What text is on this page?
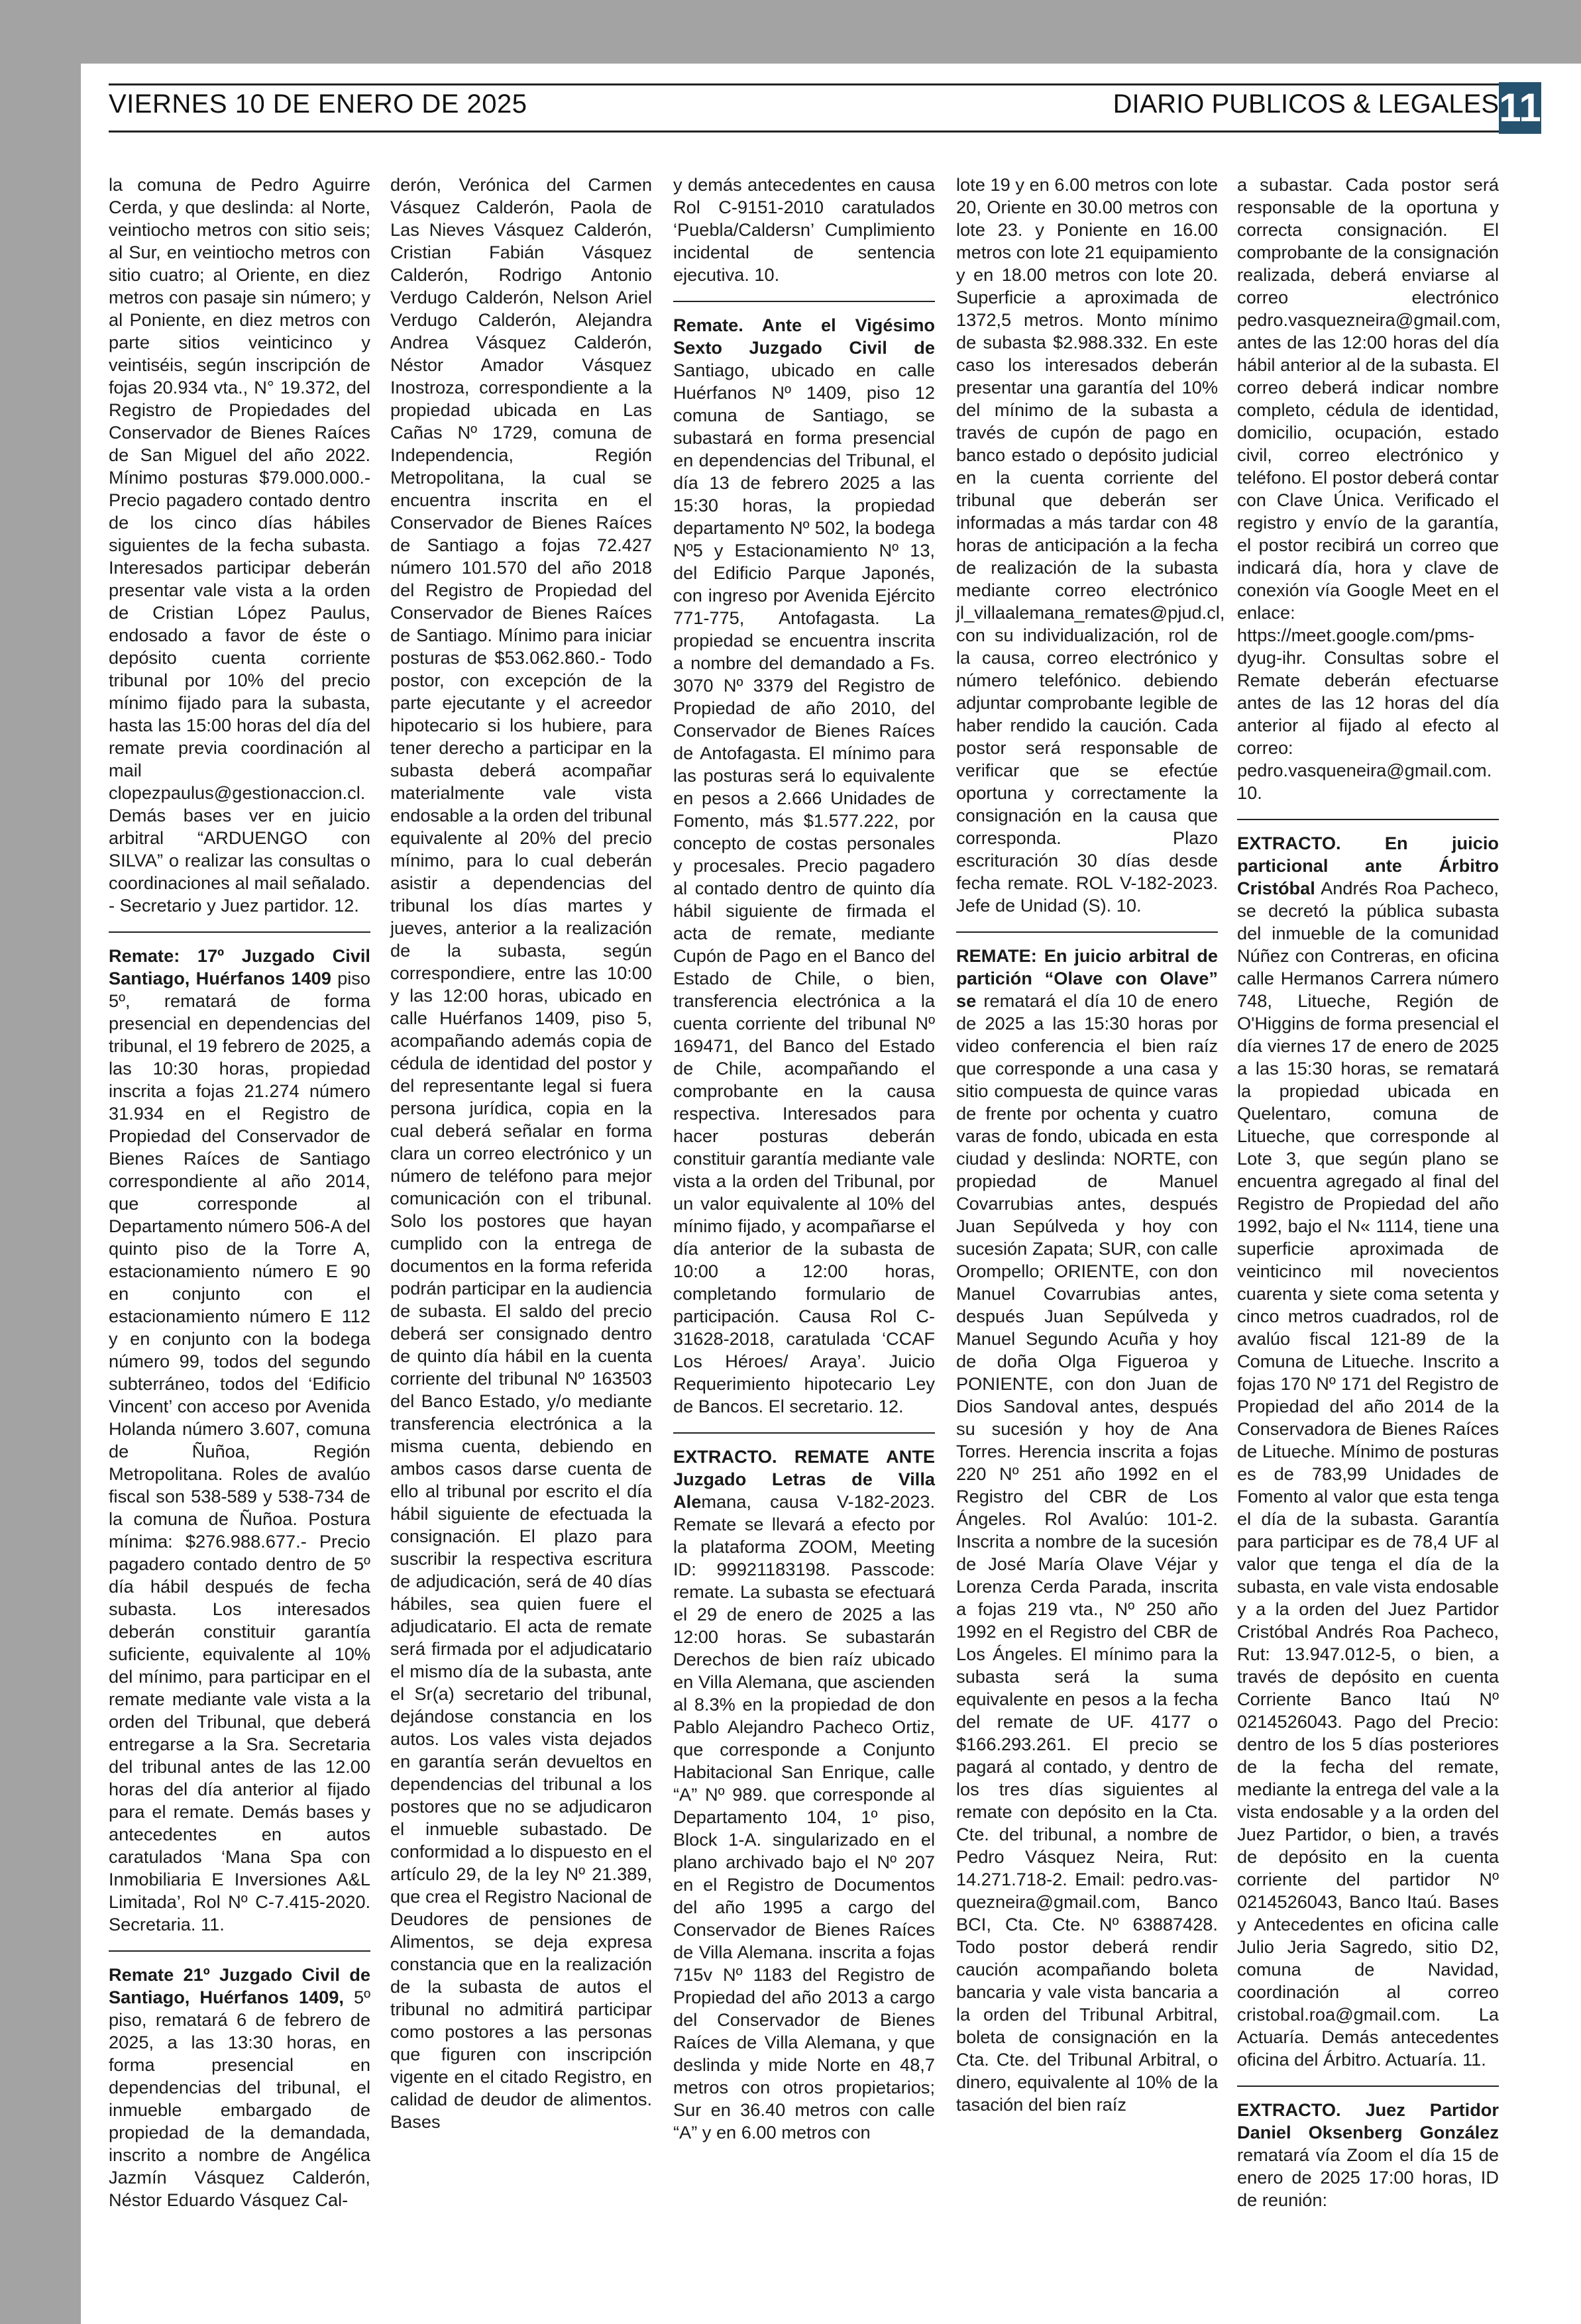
VIERNES 10 DE ENERO DE 2025	DIARIO PUBLICOS & LEGALES 11

la comuna de Pedro Aguirre Cerda, y que deslinda: al Norte, veintiocho metros con sitio seis; al Sur, en veintiocho metros con sitio cuatro; al Oriente, en diez metros con pasaje sin número; y al Poniente, en diez metros con parte sitios veinticinco y veintiséis, según inscripción de fojas 20.934 vta., N° 19.372, del Registro de Propiedades del Conservador de Bienes Raíces de San Miguel del año 2022. Mínimo posturas $79.000.000.- Precio pagadero contado dentro de los cinco días hábiles siguientes de la fecha subasta. Interesados participar deberán presentar vale vista a la orden de Cristian López Paulus, endosado a favor de éste o depósito cuenta corriente tribunal por 10% del precio mínimo fijado para la subasta, hasta las 15:00 horas del día del remate previa coordinación al mail clopezpaulus@gestionaccion.cl. Demás bases ver en juicio arbitral “ARDUENGO con SILVA” o realizar las consultas o coordinaciones al mail señalado. - Secretario y Juez partidor. 12.

Remate: 17º Juzgado Civil Santiago, Huérfanos 1409 piso 5º, rematará de forma presencial en dependencias del tribunal, el 19 febrero de 2025, a las 10:30 horas, propiedad inscrita a fojas 21.274 número 31.934 en el Registro de Propiedad del Conservador de Bienes Raíces de Santiago correspondiente al año 2014, que corresponde al Departamento número 506-A del quinto piso de la Torre A, estacionamiento número E 90 en conjunto con el estacionamiento número E 112 y en conjunto con la bodega número 99, todos del segundo subterráneo, todos del ‘Edificio Vincent’ con acceso por Avenida Holanda número 3.607, comuna de Ñuñoa, Región Metropolitana. Roles de avalúo fiscal son 538-589 y 538-734 de la comuna de Ñuñoa. Postura mínima: $276.988.677.- Precio pagadero contado dentro de 5º día hábil después de fecha subasta. Los interesados deberán constituir garantía suficiente, equivalente al 10% del mínimo, para participar en el remate mediante vale vista a la orden del Tribunal, que deberá entregarse a la Sra. Secretaria del tribunal antes de las 12.00 horas del día anterior al fijado para el remate. Demás bases y antecedentes en autos caratulados ‘Mana Spa con Inmobiliaria E Inversiones A&L Limitada’, Rol Nº C-7.415-2020. Secretaria. 11.

Remate 21º Juzgado Civil de Santiago, Huérfanos 1409, 5º piso, rematará 6 de febrero de 2025, a las 13:30 horas, en forma presencial en dependencias del tribunal, el inmueble embargado de propiedad de la demandada, inscrito a nombre de Angélica Jazmín Vásquez Calderón, Néstor Eduardo Vásquez Cal-

derón, Verónica del Carmen Vásquez Calderón, Paola de Las Nieves Vásquez Calderón, Cristian Fabián Vásquez Calderón, Rodrigo Antonio Verdugo Calderón, Nelson Ariel Verdugo Calderón, Alejandra Andrea Vásquez Calderón, Néstor Amador Vásquez Inostroza, correspondiente a la propiedad ubicada en Las Cañas Nº 1729, comuna de Independencia, Región Metropolitana, la cual se encuentra inscrita en el Conservador de Bienes Raíces de Santiago a fojas 72.427 número 101.570 del año 2018 del Registro de Propiedad del Conservador de Bienes Raíces de Santiago. Mínimo para iniciar posturas de $53.062.860.- Todo postor, con excepción de la parte ejecutante y el acreedor hipotecario si los hubiere, para tener derecho a participar en la subasta deberá acompañar materialmente vale vista endosable a la orden del tribunal equivalente al 20% del precio mínimo, para lo cual deberán asistir a dependencias del tribunal los días martes y jueves, anterior a la realización de la subasta, según correspondiere, entre las 10:00 y las 12:00 horas, ubicado en calle Huérfanos 1409, piso 5, acompañando además copia de cédula de identidad del postor y del representante legal si fuera persona jurídica, copia en la cual deberá señalar en forma clara un correo electrónico y un número de teléfono para mejor comunicación con el tribunal. Solo los postores que hayan cumplido con la entrega de documentos en la forma referida podrán participar en la audiencia de subasta. El saldo del precio deberá ser consignado dentro de quinto día hábil en la cuenta corriente del tribunal Nº 163503 del Banco Estado, y/o mediante transferencia electrónica a la misma cuenta, debiendo en ambos casos darse cuenta de ello al tribunal por escrito el día hábil siguiente de efectuada la consignación. El plazo para suscribir la respectiva escritura de adjudicación, será de 40 días hábiles, sea quien fuere el adjudicatario. El acta de remate será firmada por el adjudicatario el mismo día de la subasta, ante el Sr(a) secretario del tribunal, dejándose constancia en los autos. Los vales vista dejados en garantía serán devueltos en dependencias del tribunal a los postores que no se adjudicaron el inmueble subastado. De conformidad a lo dispuesto en el artículo 29, de la ley Nº 21.389, que crea el Registro Nacional de Deudores de pensiones de Alimentos, se deja expresa constancia que en la realización de la subasta de autos el tribunal no admitirá participar como postores a las personas que figuren con inscripción vigente en el citado Registro, en calidad de deudor de alimentos. Bases

y demás antecedentes en causa Rol C-9151-2010 caratulados ‘Puebla/Caldersn’ Cumplimiento incidental de sentencia ejecutiva. 10.

Remate. Ante el Vigésimo Sexto Juzgado Civil de Santiago, ubicado en calle Huérfanos Nº 1409, piso 12 comuna de Santiago, se subastará en forma presencial en dependencias del Tribunal, el día 13 de febrero 2025 a las 15:30 horas, la propiedad departamento Nº 502, la bodega Nº5 y Estacionamiento Nº 13, del Edificio Parque Japonés, con ingreso por Avenida Ejército 771-775, Antofagasta. La propiedad se encuentra inscrita a nombre del demandado a Fs. 3070 Nº 3379 del Registro de Propiedad de año 2010, del Conservador de Bienes Raíces de Antofagasta. El mínimo para las posturas será lo equivalente en pesos a 2.666 Unidades de Fomento, más $1.577.222, por concepto de costas personales y procesales. Precio pagadero al contado dentro de quinto día hábil siguiente de firmada el acta de remate, mediante Cupón de Pago en el Banco del Estado de Chile, o bien, transferencia electrónica a la cuenta corriente del tribunal Nº 169471, del Banco del Estado de Chile, acompañando el comprobante en la causa respectiva. Interesados para hacer posturas deberán constituir garantía mediante vale vista a la orden del Tribunal, por un valor equivalente al 10% del mínimo fijado, y acompañarse el día anterior de la subasta de 10:00 a 12:00 horas, completando formulario de participación. Causa Rol C-31628-2018, caratulada ‘CCAF Los Héroes/ Araya’. Juicio Requerimiento hipotecario Ley de Bancos. El secretario. 12.

EXTRACTO. REMATE ANTE Juzgado Letras de Villa Alemana, causa V-182-2023. Remate se llevará a efecto por la plataforma ZOOM, Meeting ID: 99921183198. Passcode: remate. La subasta se efectuará el 29 de enero de 2025 a las 12:00 horas. Se subastarán Derechos de bien raíz ubicado en Villa Alemana, que ascienden al 8.3% en la propiedad de don Pablo Alejandro Pacheco Ortiz, que corresponde a Conjunto Habitacional San Enrique, calle “A” Nº 989. que corresponde al Departamento 104, 1º piso, Block 1-A. singularizado en el plano archivado bajo el Nº 207 en el Registro de Documentos del año 1995 a cargo del Conservador de Bienes Raíces de Villa Alemana. inscrita a fojas 715v Nº 1183 del Registro de Propiedad del año 2013 a cargo del Conservador de Bienes Raíces de Villa Alemana, y que deslinda y mide Norte en 48,7 metros con otros propietarios; Sur en 36.40 metros con calle “A” y en 6.00 metros con

lote 19 y en 6.00 metros con lote 20, Oriente en 30.00 metros con lote 23. y Poniente en 16.00 metros con lote 21 equipamiento y en 18.00 metros con lote 20. Superficie a aproximada de 1372,5 metros. Monto mínimo de subasta $2.988.332. En este caso los interesados deberán presentar una garantía del 10% del mínimo de la subasta a través de cupón de pago en banco estado o depósito judicial en la cuenta corriente del tribunal que deberán ser informadas a más tardar con 48 horas de anticipación a la fecha de realización de la subasta mediante correo electrónico jl_villaalemana_remates@pjud.cl, con su individualización, rol de la causa, correo electrónico y número telefónico. debiendo adjuntar comprobante legible de haber rendido la caución. Cada postor será responsable de verificar que se efectúe oportuna y correctamente la consignación en la causa que corresponda. Plazo escrituración 30 días desde fecha remate. ROL V-182-2023. Jefe de Unidad (S). 10.

REMATE: En juicio arbitral de partición “Olave con Olave” se rematará el día 10 de enero de 2025 a las 15:30 horas por video conferencia el bien raíz que corresponde a una casa y sitio compuesta de quince varas de frente por ochenta y cuatro varas de fondo, ubicada en esta ciudad y deslinda: NORTE, con propiedad de Manuel Covarrubias antes, después Juan Sepúlveda y hoy con sucesión Zapata; SUR, con calle Orompello; ORIENTE, con don Manuel Covarrubias antes, después Juan Sepúlveda y Manuel Segundo Acuña y hoy de doña Olga Figueroa y PONIENTE, con don Juan de Dios Sandoval antes, después su sucesión y hoy de Ana Torres. Herencia inscrita a fojas 220 Nº 251 año 1992 en el Registro del CBR de Los Ángeles. Rol Avalúo: 101-2. Inscrita a nombre de la sucesión de José María Olave Véjar y Lorenza Cerda Parada, inscrita a fojas 219 vta., Nº 250 año 1992 en el Registro del CBR de Los Ángeles. El mínimo para la subasta será la suma equivalente en pesos a la fecha del remate de UF. 4177 o $166.293.261. El precio se pagará al contado, y dentro de los tres días siguientes al remate con depósito en la Cta. Cte. del tribunal, a nombre de Pedro Vásquez Neira, Rut: 14.271.718-2. Email: pedro.vas-quezneira@gmail.com, Banco BCI, Cta. Cte. Nº 63887428. Todo postor deberá rendir caución acompañando boleta bancaria y vale vista bancaria a la orden del Tribunal Arbitral, boleta de consignación en la Cta. Cte. del Tribunal Arbitral, o dinero, equivalente al 10% de la tasación del bien raíz

a subastar. Cada postor será responsable de la oportuna y correcta consignación. El comprobante de la consignación realizada, deberá enviarse al correo electrónico pedro.vasquezneira@gmail.com, antes de las 12:00 horas del día hábil anterior al de la subasta. El correo deberá indicar nombre completo, cédula de identidad, domicilio, ocupación, estado civil, correo electrónico y teléfono. El postor deberá contar con Clave Única. Verificado el registro y envío de la garantía, el postor recibirá un correo que indicará día, hora y clave de conexión vía Google Meet en el enlace: https://meet.google.com/pms-dyug-ihr. Consultas sobre el Remate deberán efectuarse antes de las 12 horas del día anterior al fijado al efecto al correo: pedro.vasqueneira@gmail.com. 10.

EXTRACTO. En juicio particional ante Árbitro Cristóbal Andrés Roa Pacheco, se decretó la pública subasta del inmueble de la comunidad Núñez con Contreras, en oficina calle Hermanos Carrera número 748, Litueche, Región de O'Higgins de forma presencial el día viernes 17 de enero de 2025 a las 15:30 horas, se rematará la propiedad ubicada en Quelentaro, comuna de Litueche, que corresponde al Lote 3, que según plano se encuentra agregado al final del Registro de Propiedad del año 1992, bajo el N« 1114, tiene una superficie aproximada de veinticinco mil novecientos cuarenta y siete coma setenta y cinco metros cuadrados, rol de avalúo fiscal 121-89 de la Comuna de Litueche. Inscrito a fojas 170 Nº 171 del Registro de Propiedad del año 2014 de la Conservadora de Bienes Raíces de Litueche. Mínimo de posturas es de 783,99 Unidades de Fomento al valor que esta tenga el día de la subasta. Garantía para participar es de 78,4 UF al valor que tenga el día de la subasta, en vale vista endosable y a la orden del Juez Partidor Cristóbal Andrés Roa Pacheco, Rut: 13.947.012-5, o bien, a través de depósito en cuenta Corriente Banco Itaú Nº 0214526043. Pago del Precio: dentro de los 5 días posteriores de la fecha del remate, mediante la entrega del vale a la vista endosable y a la orden del Juez Partidor, o bien, a través de depósito en la cuenta corriente del partidor Nº 0214526043, Banco Itaú. Bases y Antecedentes en oficina calle Julio Jeria Sagredo, sitio D2, comuna de Navidad, coordinación al correo cristobal.roa@gmail.com. La Actuaría. Demás antecedentes oficina del Árbitro. Actuaría. 11.

EXTRACTO. Juez Partidor Daniel Oksenberg González rematará vía Zoom el día 15 de enero de 2025 17:00 horas, ID de reunión:
